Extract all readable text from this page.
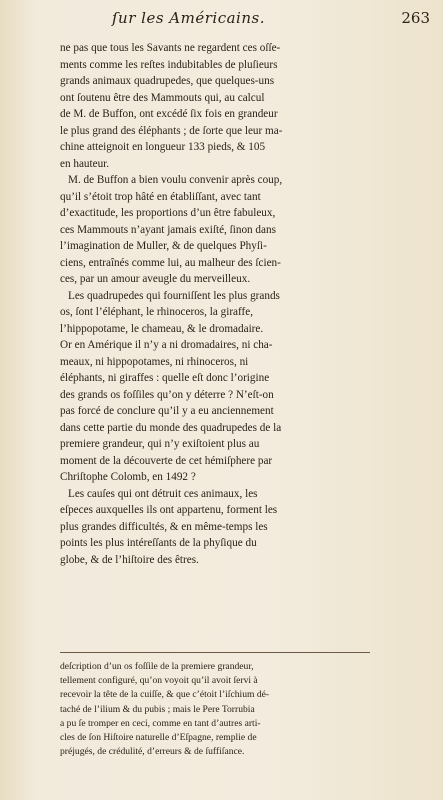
ſur les Américains.	263
ne pas que tous les Savants ne regardent ces oſſe-
ments comme les reſtes indubitables de pluſieurs
grands animaux quadrupedes, que quelques-uns
ont ſoutenu être des Mammouts qui, au calcul
de M. de Buffon, ont excédé ſix fois en grandeur
le plus grand des éléphants ; de ſorte que leur ma-
chine atteignoit en longueur 133 pieds, & 105
en hauteur.
M. de Buffon a bien voulu convenir après coup,
qu’il s’étoit trop hâté en établiſſant, avec tant
d’exactitude, les proportions d’un être fabuleux,
ces Mammouts n’ayant jamais exiſté, ſinon dans
l’imagination de Muller, & de quelques Phyſi-
ciens, entraînés comme lui, au malheur des ſcien-
ces, par un amour aveugle du merveilleux.
Les quadrupedes qui fourniſſent les plus grands
os, ſont l’éléphant, le rhinoceros, la giraffe,
l’hippopotame, le chameau, & le dromadaire.
Or en Amérique il n’y a ni dromadaires, ni cha-
meaux, ni hippopotames, ni rhinoceros, ni
éléphants, ni giraffes : quelle eſt donc l’origine
des grands os foſſiles qu’on y déterre ? N’eſt-on
pas forcé de conclure qu’il y a eu anciennement
dans cette partie du monde des quadrupedes de la
premiere grandeur, qui n’y exiſtoient plus au
moment de la découverte de cet hémiſphere par
Chriſtophe Colomb, en 1492 ?
Les cauſes qui ont détruit ces animaux, les
eſpeces auxquelles ils ont appartenu, forment les
plus grandes difficultés, & en même-temps les
points les plus intéreſſants de la phyſique du
globe, & de l’hiſtoire des êtres.
deſcription d’un os foſſile de la premiere grandeur,
tellement configuré, qu’on voyoit qu’il avoit ſervi à
recevoir la tête de la cuiſſe, & que c’étoit l’iſchium dé-
taché de l’ilium & du pubis ; mais le Pere Torrubia
a pu ſe tromper en ceci, comme en tant d’autres arti-
cles de ſon Hiſtoire naturelle d’Eſpagne, remplie de
préjugés, de crédulité, d’erreurs & de ſuffiſance.
